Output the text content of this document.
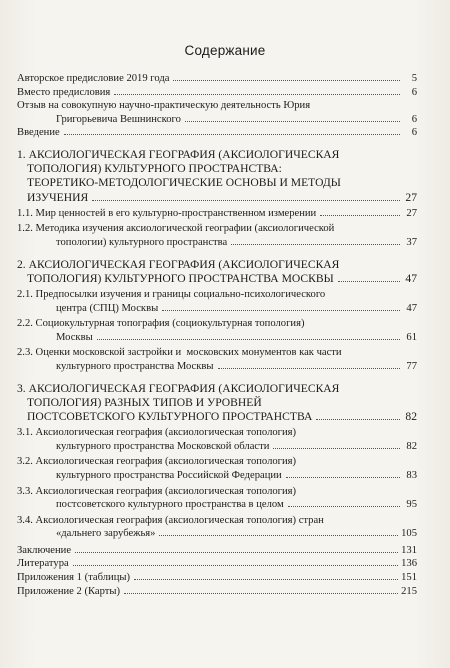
Содержание
Авторское предисловие 2019 года	5
Вместо предисловия	6
Отзыв на совокупную научно-практическую деятельность Юрия
Григорьевича Вешнинского	6
Введение	6
1. АКСИОЛОГИЧЕСКАЯ ГЕОГРАФИЯ (АКСИОЛОГИЧЕСКАЯ
ТОПОЛОГИЯ) КУЛЬТУРНОГО ПРОСТРАНСТВА:
ТЕОРЕТИКО-МЕТОДОЛОГИЧЕСКИЕ ОСНОВЫ И МЕТОДЫ
ИЗУЧЕНИЯ	27
1.1. Мир ценностей в его культурно-пространственном измерении	27
1.2. Методика изучения аксиологической географии (аксиологической
топологии) культурного пространства	37
2. АКСИОЛОГИЧЕСКАЯ ГЕОГРАФИЯ (АКСИОЛОГИЧЕСКАЯ
ТОПОЛОГИЯ) КУЛЬТУРНОГО ПРОСТРАНСТВА МОСКВЫ	47
2.1. Предпосылки изучения и границы социально-психологического
центра (СПЦ) Москвы	47
2.2. Социокультурная топография (социокультурная топология)
Москвы	61
2.3. Оценки московской застройки и  московских монументов как части
культурного пространства Москвы	77
3. АКСИОЛОГИЧЕСКАЯ ГЕОГРАФИЯ (АКСИОЛОГИЧЕСКАЯ
ТОПОЛОГИЯ) РАЗНЫХ ТИПОВ И УРОВНЕЙ
ПОСТСОВЕТСКОГО КУЛЬТУРНОГО ПРОСТРАНСТВА	82
3.1. Аксиологическая география (аксиологическая топология)
культурного пространства Московской области	82
3.2. Аксиологическая география (аксиологическая топология)
культурного пространства Российской Федерации	83
3.3. Аксиологическая география (аксиологическая топология)
постсоветского культурного пространства в целом	95
3.4. Аксиологическая география (аксиологическая топология) стран
«дальнего зарубежья»	105
Заключение	131
Литература	136
Приложения 1 (таблицы)	151
Приложение 2 (Карты)	215
